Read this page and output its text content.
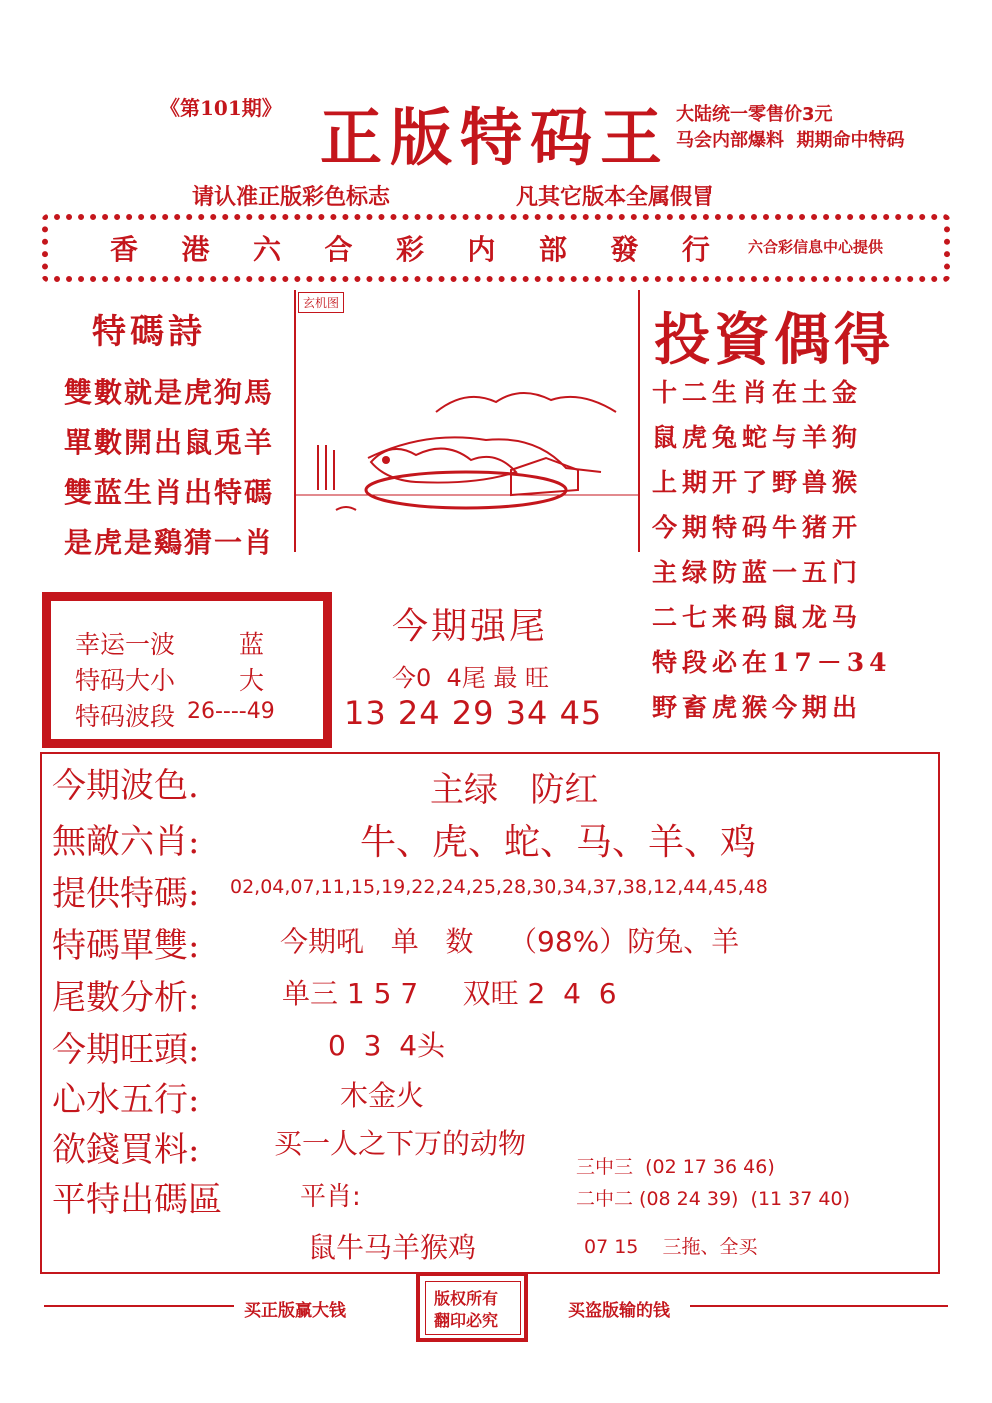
《第101期》 正版特码王 大陆统一零售价3元
马会内部爆料  期期命中特码
请认准正版彩色标志	凡其它版本全属假冒
香 港 六 合 彩 内 部 發 行	六合彩信息中心提供
特碼詩
雙數就是虎狗馬
單數開出鼠兎羊
雙蓝生肖出特碼
是虎是鷄猜一肖
玄机图
投資偶得
十二生肖在土金
鼠虎兔蛇与羊狗
上期开了野兽猴
今期特码牛猪开
主绿防蓝一五门
二七来码鼠龙马
特段必在17－34
野畜虎猴今期出
幸运一波	蓝
特码大小	大
特码波段 26----49
今期强尾
今0  4尾 最 旺
13 24 29 34 45
今期波色.	主绿   防红
無敵六肖:	牛、虎、蛇、马、羊、鸡
提供特碼: 02,04,07,11,15,19,22,24,25,28,30,34,37,38,12,44,45,48
特碼單雙:	今期吼   单   数    （98%）防兔、羊
尾數分析:	单三 1 5 7     双旺 2  4  6
今期旺頭:	0  3  4头
心水五行:	木金火
欲錢買料:	买一人之下万的动物
平特出碼區	平肖:
三中三  (02 17 36 46)
二中二 (08 24 39)  (11 37 40)
鼠牛马羊猴鸡	07 15    三拖、全买
买正版赢大钱
版权所有
翻印必究	买盗版输的钱
